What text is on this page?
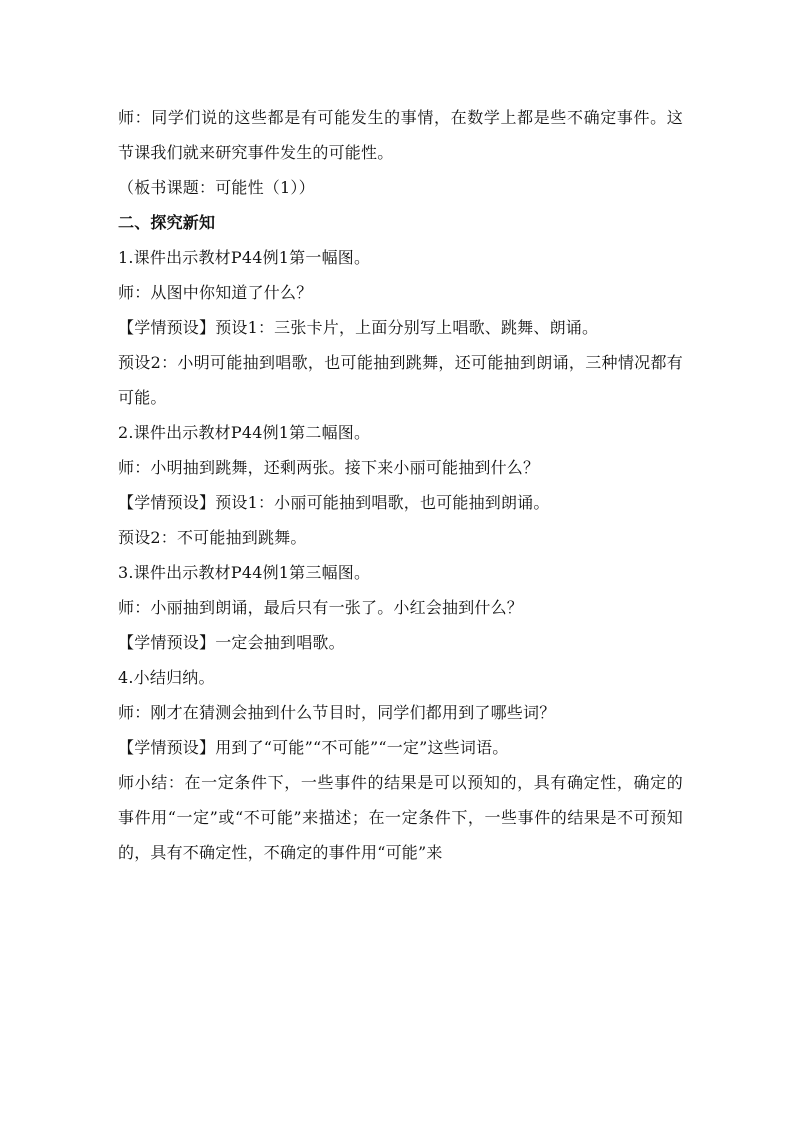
师：同学们说的这些都是有可能发生的事情，在数学上都是些不确定事件。这节课我们就来研究事件发生的可能性。

（板书课题：可能性（1））

二、探究新知

1.课件出示教材P44例1第一幅图。

师：从图中你知道了什么？

【学情预设】预设1：三张卡片，上面分别写上唱歌、跳舞、朗诵。

预设2：小明可能抽到唱歌，也可能抽到跳舞，还可能抽到朗诵，三种情况都有可能。

2.课件出示教材P44例1第二幅图。

师：小明抽到跳舞，还剩两张。接下来小丽可能抽到什么？

【学情预设】预设1：小丽可能抽到唱歌，也可能抽到朗诵。

预设2：不可能抽到跳舞。

3.课件出示教材P44例1第三幅图。

师：小丽抽到朗诵，最后只有一张了。小红会抽到什么？

【学情预设】一定会抽到唱歌。

4.小结归纳。

师：刚才在猜测会抽到什么节目时，同学们都用到了哪些词？

【学情预设】用到了“可能”“不可能”“一定”这些词语。

师小结：在一定条件下，一些事件的结果是可以预知的，具有确定性，确定的事件用“一定”或“不可能”来描述；在一定条件下，一些事件的结果是不可预知的，具有不确定性，不确定的事件用“可能”来
